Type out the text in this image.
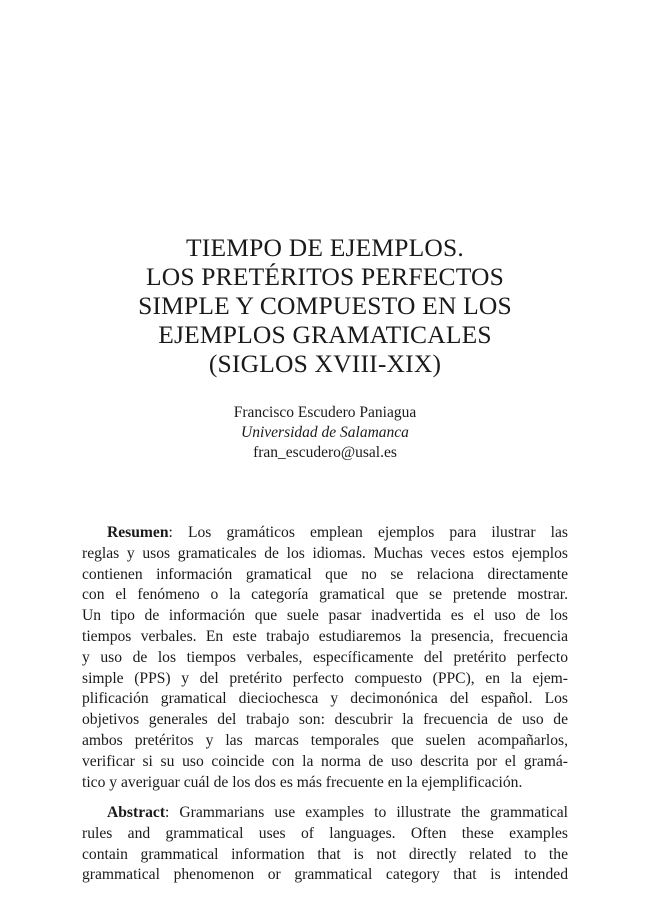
TIEMPO DE EJEMPLOS.
LOS PRETÉRITOS PERFECTOS
SIMPLE Y COMPUESTO EN LOS
EJEMPLOS GRAMATICALES
(SIGLOS XVIII-XIX)
Francisco Escudero Paniagua
Universidad de Salamanca
fran_escudero@usal.es
Resumen: Los gramáticos emplean ejemplos para ilustrar las
reglas y usos gramaticales de los idiomas. Muchas veces estos ejemplos
contienen información gramatical que no se relaciona directamente
con el fenómeno o la categoría gramatical que se pretende mostrar.
Un tipo de información que suele pasar inadvertida es el uso de los
tiempos verbales. En este trabajo estudiaremos la presencia, frecuencia
y uso de los tiempos verbales, específicamente del pretérito perfecto
simple (PPS) y del pretérito perfecto compuesto (PPC), en la ejem-
plificación gramatical dieciochesca y decimonónica del español. Los
objetivos generales del trabajo son: descubrir la frecuencia de uso de
ambos pretéritos y las marcas temporales que suelen acompañarlos,
verificar si su uso coincide con la norma de uso descrita por el gramá-
tico y averiguar cuál de los dos es más frecuente en la ejemplificación.
Abstract: Grammarians use examples to illustrate the grammatical
rules and grammatical uses of languages. Often these examples
contain grammatical information that is not directly related to the
grammatical phenomenon or grammatical category that is intended
